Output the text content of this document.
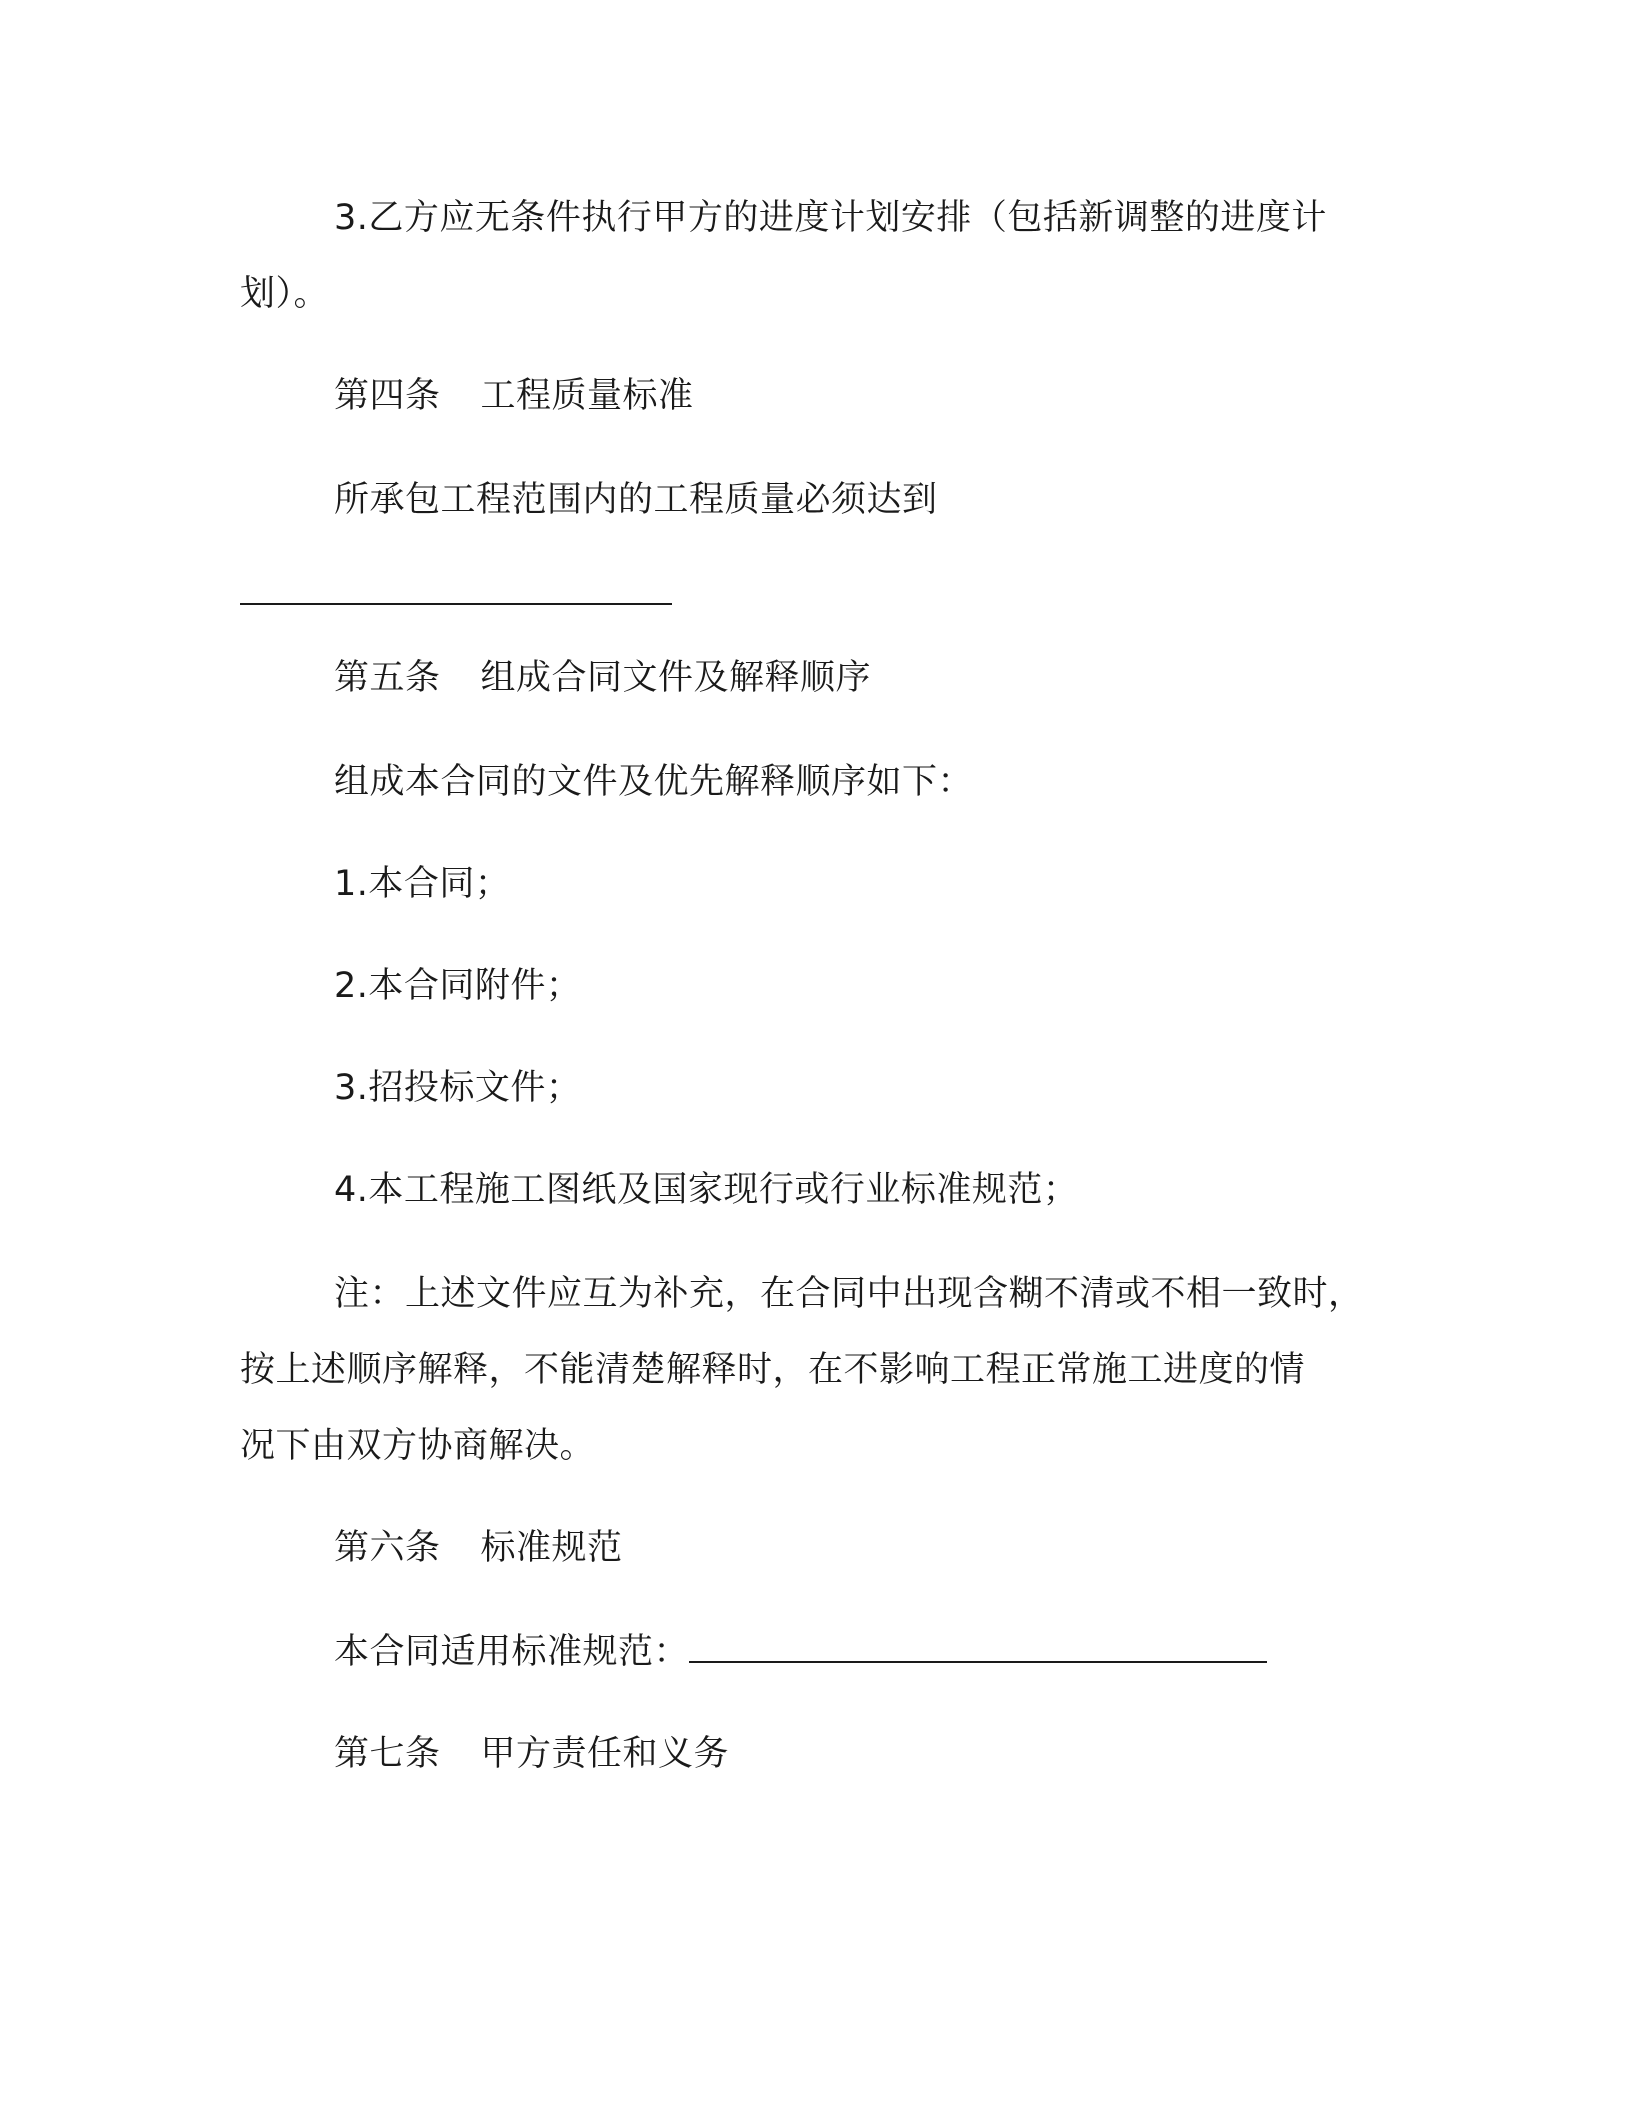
3.乙方应无条件执行甲方的进度计划安排（包括新调整的进度计
划）。
第四条 工程质量标准
所承包工程范围内的工程质量必须达到
第五条 组成合同文件及解释顺序
组成本合同的文件及优先解释顺序如下：
1.本合同；
2.本合同附件；
3.招投标文件；
4.本工程施工图纸及国家现行或行业标准规范；
注：上述文件应互为补充，在合同中出现含糊不清或不相一致时，
按上述顺序解释，不能清楚解释时，在不影响工程正常施工进度的情
况下由双方协商解决。
第六条 标准规范
本合同适用标准规范：
第七条 甲方责任和义务
